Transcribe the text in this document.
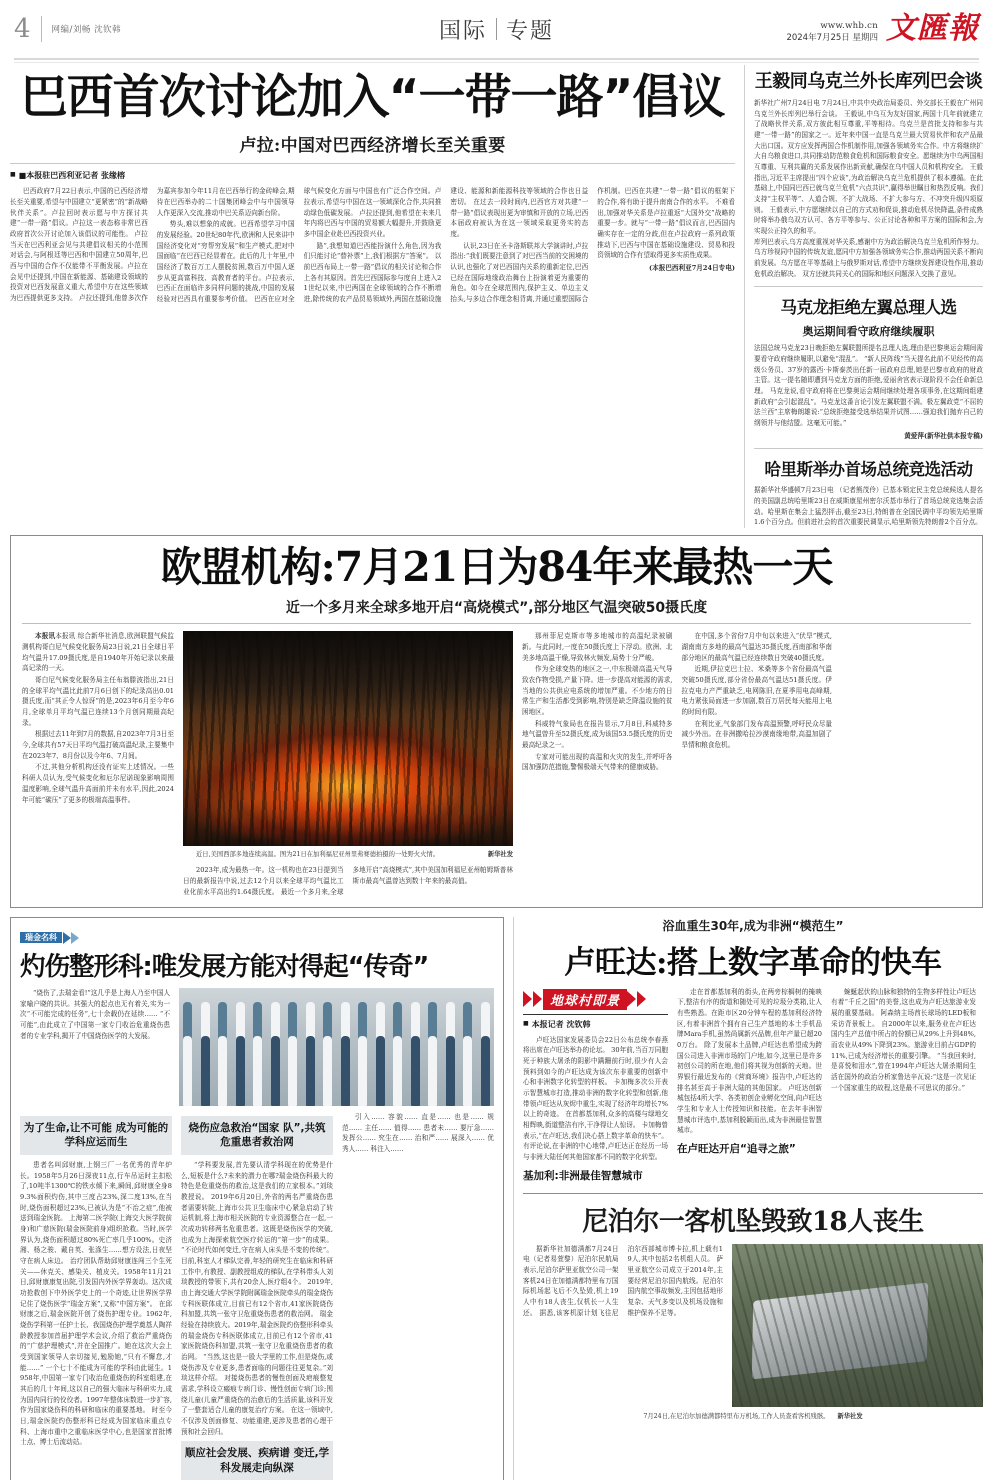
4 网编/刘畅 沈钦韩	国际 专题	www.whb.cn
2024年7月25日 星期四 文匯報
巴西首次讨论加入“一带一路”倡议
卢拉:中国对巴西经济增长至关重要
■ ■本报驻巴西利亚记者 张缘榕

巴西政府7月22日表示,中国的已西经济增长至关重要,希望与中国建立“更紧密”的“新战略伙伴关系”。卢拉回时表示愿与中方探讨共建“一带一路”倡议。卢拉这一表态称非常巴西政府首次公开讨论加入该倡议的可能性。 卢拉当天在巴西利亚会见与共建倡议相关的小范围对话会,与阿根廷等巴西和中国建立50周年,巴西与中国的合作不仅能带不平衡发展。卢拉在会见中还提到,中国在新能源、基础建设领域的投资对巴西发展意义重大,希望中方在这些领域为巴西提供更多支持。 卢拉还提到,他曾多次作为嘉宾参加今年11月在巴西举行的金砖峰会,期待在巴西举办的二十国集团峰会中与中国领导人作更深入交流,推动中巴关系迈向新台阶。

势头,难以想象的成就。巴西希望学习中国的发展经验。20世纪80年代,欧洲和人民来讲中国经济变化对“穷帮穷发展”和生产模式,把对中国面临“在巴西已经显着在。此后的几十年里,中国经济了数百万工人摆脱贫困,数百万中国人逐步从更高富科技、高教育者的平台。卢拉表示,巴西正在面临许多同样问题的挑战,中国的发展经验对巴西具有重要参考价值。 巴西在应对全球气候变化方面与中国也有广泛合作空间。卢拉表示,希望与中国在这一领域深化合作,共同推动绿色低碳发展。 卢拉还提到,他希望在未来几年内将巴西与中国的贸易额大幅提升,并鼓励更多中国企业赴巴西投资兴业。

路”,我想知道巴西能扮演什么角色,因为我们只能讨论“替补票”上,我们根据方“答案”。 以前巴西布局上一带一路”倡议的相关讨论和合作上各有其原因。首先巴西国际参与度自上进入21世纪以来,中巴两国在全球领域的合作不断增进,除传统的农产品贸易领域外,两国在基础设施建设、能源和新能源科技等领域的合作也日益密切。 在过去一段时间内,巴西官方对共建“一带一路”倡议表现出更为审慎和开放的立场,巴西本届政府被认为在这一领域采取更务实的态度。

认识,23日在圣卡洛斯联邦大学演讲时,卢拉指出:“我们既要注意到了对巴西当前的交困境的认识,也强化了对巴西国内关系的重新定位,巴西已经在国际地缘政治舞台上扮演着更为重要的角色。如今在全球范围内,保护主义、单边主义抬头,与多边合作理念相背离,并通过重塑国际合作机制。巴西在共建“一带一路”倡议的框架下的合作,将有助于提升南南合作的水平。 不难看出,加强对华关系是卢拉重返“大国外交”战略的重要一步。就与“一带一路”倡议而言,巴西国内确实存在一定的分歧,但在卢拉政府一系列政策推动下,巴西与中国在基础设施建设、贸易和投资领域的合作有望取得更多实质性成果。

(本报巴西利亚7月24日专电)

王毅同乌克兰外长库列巴会谈
新华社广州7月24日电 7月24日,中共中央政治局委员、外交部长王毅在广州同乌克兰外长库列巴举行会谈。 王毅说,中乌互为友好国家,两国十几年前就建立了战略伙伴关系,双方彼此相互尊重,平等相待。乌克兰是首批支持和参与共建“一带一路”的国家之一。近年来中国一直是乌克兰最大贸易伙伴和农产品最大出口国。双方应发挥两国合作机制作用,加强各领域务实合作。中方将继续扩大自乌粮食进口,共同推动防范粮食危机和国际粮食安全。愿继续为中乌两国相互尊重、互利共赢的关系发展作出新贡献,确保在乌中国人员和机构安全。 王毅指出,习近平主席提出“四个应该”,为政治解决乌克兰危机提供了根本遵循。在此基础上,中国同巴西已就乌克兰危机“六点共识”,赢得举世瞩目和热烈反响。我们支持“主权平等”、人道合规、不扩大战场、不扩大参与方、不冲突升级四项原则。 王毅表示,中方愿继续以自己的方式劝和促谈,推动危机尽快降温,条件成熟时将举办俄乌双方认可、各方平等参与、公正讨论各种和平方案的国际和会,为实现公正持久的和平。
库列巴表示,乌方高度重视对华关系,感谢中方为政治解决乌克兰危机所作努力。乌方珍视同中国的传统友谊,愿同中方加强各领域务实合作,推动两国关系不断向前发展。乌方愿在平等基础上与俄罗斯对话,希望中方继续发挥建设性作用,推动危机政治解决。 双方还就共同关心的国际和地区问题深入交换了意见。
马克龙拒绝左翼总理人选
奥运期间看守政府继续履职
法国总统马克龙23日晚拒绝左翼联盟所提名总理人选,理由是巴黎奥运会期间需要看守政府继续履职,以避免“混乱”。 “新人民阵线”当天提名此前不见经传的高级公务员、37岁的露西·卡斯泰茨出任新一届政府总理,她是巴黎市政府的财政主管。这一提名随即遭到马克龙方面的拒绝,爱丽舍宫表示现阶段不会任命新总理。 马克龙说,看守政府将在巴黎奥运会期间继续处理各项事务,在这期间组建新政府“会引起混乱”。马克龙这番言论引发左翼联盟不满。极左翼政党“不屈的法兰西”主席梅朗雄说:“总统拒绝接受选举结果并试图……强迫我们抛弃自己的纲领并与他结盟。这毫无可能。”
黄爱萍(新华社供本报专稿)
哈里斯举办首场总统竞选活动
据新华社华盛顿7月23日电 （记者熊茂伶）已基本锁定民主党总统候选人提名的美国副总统哈里斯23日在威斯康星州密尔沃基市举行了首场总统竞选集会活动。哈里斯在集会上猛烈抨击,截至23日,特朗普在全国民调中平均领先哈里斯1.6个百分点。但前进社会的首次重要民调显示,哈里斯领先特朗普2个百分点。
欧盟机构:7月21日为84年来最热一天
近一个多月来全球多地开启“高烧模式”,部分地区气温突破50摄氏度

本报讯本报讯 综合新华社消息,欧洲联盟气候监测机构哥白尼气候变化服务局23日说,21日全球日平均气温升17.09摄氏度,是自1940年开始记录以来最高记录的一天。

哥白尼气候变化服务局主任布翁滕波指出,21日的全球平均气温比此前7月6日创下的纪录高出0.01摄氏度,而“其正令人惊讶”的是,2023年6月至今年6月,全球单月平均气温已连续13个月创同期最高纪录。

根据过去11年到7月的数据,自2023年7月3日至今,全球共有57天日平均气温打破高温纪录,主要集中在2023年7、8月份以及今年6、7月间。

不过,其他分析机构还没有证实上述情况。一些科研人员认为,受气候变化和厄尔尼诺现象影响周围温度影响,全球气温升高面前并未有水平,因此,2024年可能“碳压”了更多的极端高温事件。

近日,美国西部多地连续高温。图为21日在加利福尼亚州里弗赛德拍摄的一处野火火情。	新华社发

2023年,成为最热一年。这一机构也在23日提到当日的最新报告中说,过去12个月以来全球平均气温比工业化前水平高出约1.64摄氏度。 最近一个多月来,全球多地开启“高烧模式”,其中美国加利福尼亚州帕姆斯普林斯市最高气温曾达到数十年来的最高值。

那州菲尼克斯市等多地城市的高温纪录被刷新。与此同时,一度在50摄氏度上下浮动。欧洲、北美多地高温干燥,导致林火频发,局势十分严峻。

作为全球变热的地区之一,中东极端高温天气导致农作物受损,产量下降。进一步提高对能源的需求,当地的公共供应电系统的增加严重。不少地方的日常生产和生活都受到影响,特别是缺乏降温设施的贫困地区。

科威特气象局也在报告显示,7月8日,科威特多地气温曾升至52摄氏度,成为该国53.5摄氏度的历史最高纪录之一。

专家对可能出现的高温和火灾的发生,并呼吁各国加强防范措施,警惕极端天气带来的健康威胁。

在中国,多个省份7月中旬以来进入“伏旱”模式,湖南南方多地的最高气温达35摄氏度,西南部和华南部分地区的最高气温已经连续数日突破40摄氏度。

近期,伊拉克巴士拉、米桑等多个省份最高气温突破50摄氏度,部分省份最高气温达51摄氏度。伊拉克电力产严重缺乏,电网陈旧,在夏季用电高峰期,电力紧张局面进一步加剧,数百万居民每天能用上电的时间有限。

在利比亚,气象部门发布高温预警,呼吁民众尽量减少外出。在非洲撒哈拉沙漠南缘地带,高温加剧了旱情和粮食危机。

瑞金名科
灼伤整形科:唯发展方能对得起“传奇”

“烧伤了,去瑞金看!”这几乎是上海人乃至中国人家喻户晓的共识。其强大的起点也无有着关,实为一次“不可能完成的任务”,七十余载仍在延续…… “不可能”,由此成立了中国第一家专门收治危重烧伤患者的专业学科,揭开了中国烧伤医学的大发展。

为了生命,让不可能 成为可能的学科应运而生

患者名叫邱财康,上钢三厂一名优秀的青年炉长。1958年5月26日深夜11点,行车吊运时主扣松了,10吨半1300℃的铁水倾下来,瞬间,邱财康全身89.3%面积灼伤,其中三度占23%,深二度13%,在当时,烧伤面积超过23%,已被认为是“不治之症”,他被送到瑞金医院。 上海第二医学院(上海交大医学院前身)和广慈医院(瑞金医院前身)组织抢救。当时,医学界认为,烧伤面积超过80%死亡率几乎100%。史济湘、杨之骏、戴自英、张涤生……想方设法,日夜坚守在病人床边。 治疗团队帮助邱财康连闯三个生死关——休克关、感染关、植皮关。1958年11月21日,邱财康康复出院,引发国内外医学界轰动。这次成功抢救创下中外医学史上的一个奇迹,让世界医学界记住了烧伤医学“瑞金方案”,又称“中国方案”。 在邱财康之后,瑞金医院开创了烧伤护理专业。1962年,烧伤学科第一任护士长、我国烧伤护理学奠基人陶祥龄教授参加首届护理学术会议,介绍了救治严重烧伤的“广慈护理模式”,并在全国推广。她在这次大会上受到国家领导人亲切接见,勉励她,“只有不懈怠,才能……” 一个七十不能成为可能的学科由此诞生。1958年,中国第一家专门收治危重烧伤的科室组建,在其后的几十年间,这以自己的强大临床与科研实力,成为国内同行的佼佼者。1997年整体床数进一步扩容,作为国家烧伤科的科研和临床的重要基地。 时至今日,瑞金医院灼伤整形科已经成为国家临床重点专科、上海市重中之重临床医学中心,也是国家首批博士点、博士后流动站。

烧伤应急救治“国家 队”,共筑危重患者救治网

“学科要发展,首先要认清学科现在的优势是什么,短板是什么?未来的潜力在哪?瑞金烧伤科最大的特色是危重烧伤的救治,这是我们的立家根本。”刘琰教授说。 2019年6月20日,外省的两名严重烧伤患者需要转院,上海市公共卫生临床中心紧急启动了转运机制,将上海市相关医院的专业资源整合在一起,一次成功转移两名危重患者。这既是烧伤医学的突破,也成为上海探索航空医疗转运的“第一步”的成果。 “不论时代如何变迁,守在病人床头是不变的传统”。 目前,科室人才梯队完善,年轻的研究生在临床和科研工作中,有教授、副教授组成的梯队,在学科带头人刘琰教授的带领下,共有20余人,医疗组4个。 2019年,由上海交通大学医学院附属瑞金医院牵头的瑞金烧伤专科医联体成立,目前已有12个省市,41家医院烧伤科加盟,共筑一张守卫危重烧伤患者的救治网。 瑞金经验在持续放大。2019年,瑞金医院灼伤整形科牵头的瑞金烧伤专科医联体成立,目前已有12个省市,41家医院烧伤科加盟,共筑一张守卫危重烧伤患者的救治网。 “当然,这也是一股大学里的工作,但是烧伤,或烧伤涉及专业更多,患者面临的问题往往更复杂。”刘琰这样介绍。 对接烧伤患者的慢性创面及疤痕整复需求,学科设立瘢痕专病门诊、慢性创面专病门诊;围绕儿童(儿童严重烧伤的治愈后的生活质量,该科开发了一整套适合儿童的康复治疗方案。 在这一领域中,不仅涉及创面修复、功能重建,更涉及患者的心理干预和社会回归。

顺应社会发展、疾病谱 变迁,学科发展走向纵深

引入…… 容貌…… 直是…… 也是…… 规范…… 主任…… 值得…… 患者未…… 要厅急…… 发挥公…… 究生在…… 治和严…… 展深入…… 优秀人…… 科注入……

浴血重生30年,成为非洲“模范生”
卢旺达:搭上数字革命的快车
地球村即景
■ 本报记者 沈钦韩

卢旺达国家发展委员会22日公布总统李春燕将出席在卢旺达举办的论坛。 30年前,当百万同胞死于种族大屠杀的阴影中蹒跚前行时,很少有人会预料到如今的卢旺达成为该次东非重要的创新中心和非洲数字化转型的样板。 卡加梅多次公开表示智慧城市打造,推动非洲的数字化转型和创新,他带领卢旺达从灰烬中重生,实现了经济年均增长7%以上的奇迹。 在首都基加利,众多的高楼与绿地交相辉映,街道整洁有序,干净得让人惊讶。 卡加梅曾表示,“在卢旺达,我们决心搭上数字革命的快车”。有评论说,在非洲的中心地带,卢旺达正在经历一场与非洲大陆任何其他国家都不同的数字化转型。

基加利:非洲最佳智慧城市

走在首都基加利的街头,在两旁棕榈树的掩映下,整洁有序的街道和随处可见的垃圾分类箱,让人有些熟悉。在距市区20分钟车程的基加利经济特区,有着非洲首个拥有自己生产基地的本土手机品牌Mara手机,虽然尚属新兴品牌,但年产量已超200万台。 除了发展本土品牌,卢旺达也希望成为跨国公司进入非洲市场的门户地,如今,这里已是许多初创公司的所在地,他们将其视为创新的天地。世界银行最近发布的《营商环境》报告中,卢旺达的排名甚至高于非洲大陆的其他国家。 卢旺达创新城包括4所大学、各类初创企业孵化空间,向卢旺达学生和专业人士传授知识和技能。在去年非洲智慧城市评选中,基加利脱颖而出,成为非洲最佳智慧城市。

在卢旺达开启“追寻之旅”

蜿蜒起伏的山脉和独特的生物多样性让卢旺达有着“千丘之国”的美誉,这也成为卢旺达旅游业发展的重要基础。 阿森纳主场酋长球场的LED板和采访背景板上。 自2000年以来,服务业在卢旺达国内生产总值中所占的份额已从29%上升到48%,而农业从49%下降到23%。旅游业目前占GDP的11%,已成为经济增长的重要引擎。 “当我回来时,是喜悦和泪水”,曾在1994年卢旺达大屠杀期间生活在国外的政治分析家鲁达辛瓦说:“这是一次见证一个国家重生的故程,这是最不可思议的部分。”

尼泊尔一客机坠毁致18人丧生

据新华社加德满都7月24日电（记者易萱黎）尼泊尔民航局表示,尼泊尔萨里亚航空公司一架客机24日在加德满都特里布万国际机场起飞后不久坠毁,机上19人中有18人丧生,仅机长一人生还。 据悉,该客机原计划飞往尼泊尔西部城市博卡拉,机上载有19人,其中包括2名机组人员。 萨里亚航空公司成立于2014年,主要经营尼泊尔国内航线。尼泊尔国内航空事故频发,主因包括地形复杂、天气多变以及机场设施和维护保养不足等。

7月24日,在尼泊尔加德满都特里布万机场,工作人员查看客机残骸。 新华社发
